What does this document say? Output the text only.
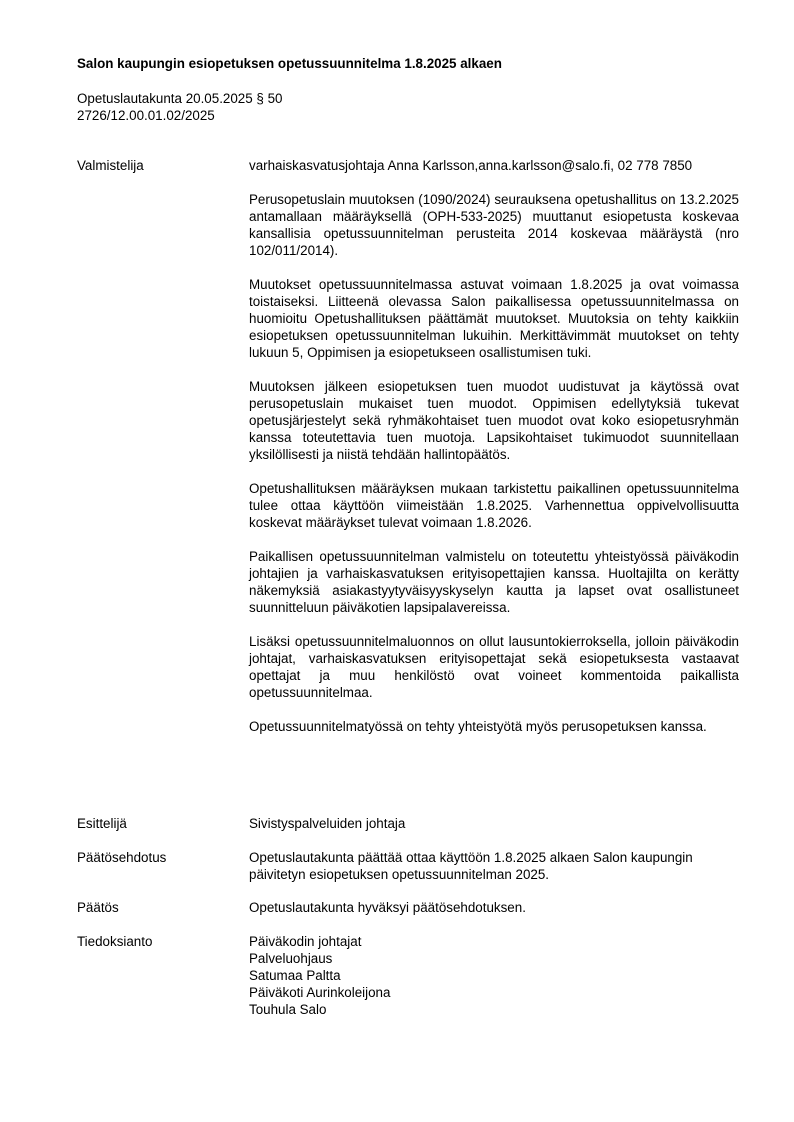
Salon kaupungin esiopetuksen opetussuunnitelma 1.8.2025 alkaen
Opetuslautakunta 20.05.2025 § 50
2726/12.00.01.02/2025
Valmistelija	varhaiskasvatusjohtaja Anna Karlsson,anna.karlsson@salo.fi, 02 778 7850

Perusopetuslain muutoksen (1090/2024) seurauksena opetushallitus on 13.2.2025 antamallaan määräyksellä (OPH-533-2025) muuttanut esiopetusta koskevaa kansallisia opetussuunnitelman perusteita 2014 koskevaa määräystä (nro 102/011/2014).

Muutokset opetussuunnitelmassa astuvat voimaan 1.8.2025 ja ovat voimassa toistaiseksi. Liitteenä olevassa Salon paikallisessa opetussuunnitelmassa on huomioitu Opetushallituksen päättämät muutokset. Muutoksia on tehty kaikkiin esiopetuksen opetussuunnitelman lukuihin. Merkittävimmät muutokset on tehty lukuun 5, Oppimisen ja esiopetukseen osallistumisen tuki.

Muutoksen jälkeen esiopetuksen tuen muodot uudistuvat ja käytössä ovat perusopetuslain mukaiset tuen muodot. Oppimisen edellytyksiä tukevat opetusjärjestelyt sekä ryhmäkohtaiset tuen muodot ovat koko esiopetusryhmän kanssa toteutettavia tuen muotoja. Lapsikohtaiset tukimuodot suunnitellaan yksilöllisesti ja niistä tehdään hallintopäätös.

Opetushallituksen määräyksen mukaan tarkistettu paikallinen opetussuunnitelma tulee ottaa käyttöön viimeistään 1.8.2025. Varhennettua oppivelvollisuutta koskevat määräykset tulevat voimaan 1.8.2026.

Paikallisen opetussuunnitelman valmistelu on toteutettu yhteistyössä päiväkodin johtajien ja varhaiskasvatuksen erityisopettajien kanssa. Huoltajilta on kerätty näkemyksiä asiakastyytyväisyyskyselyn kautta ja lapset ovat osallistuneet suunnitteluun päiväkotien lapsipalavereissa.

Lisäksi opetussuunnitelmaluonnos on ollut lausuntokierroksella, jolloin päiväkodin johtajat, varhaiskasvatuksen erityisopettajat sekä esiopetuksesta vastaavat opettajat ja muu henkilöstö ovat voineet kommentoida paikallista opetussuunnitelmaa.

Opetussuunnitelmatyössä on tehty yhteistyötä myös perusopetuksen kanssa.

Esittelijä	Sivistyspalveluiden johtaja
Päätösehdotus	Opetuslautakunta päättää ottaa käyttöön 1.8.2025 alkaen Salon kaupungin päivitetyn esiopetuksen opetussuunnitelman 2025.
Päätös	Opetuslautakunta hyväksyi päätösehdotuksen.
Tiedoksianto	Päiväkodin johtajat
Palveluohjaus
Satumaa Paltta
Päiväkoti Aurinkoleijona
Touhula Salo
